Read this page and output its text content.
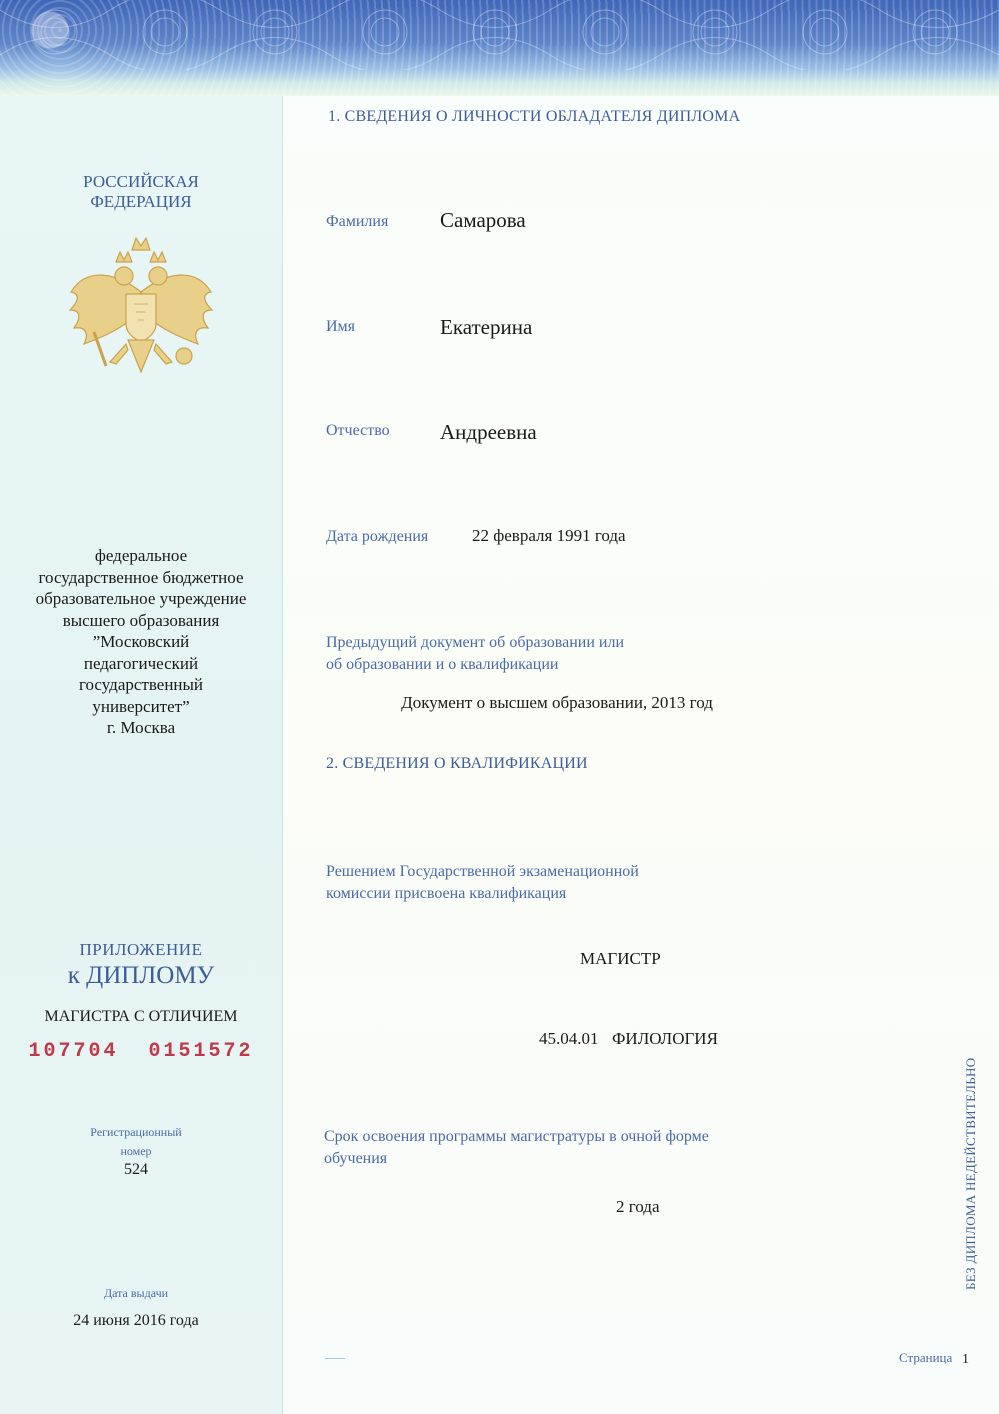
РОССИЙСКАЯ
ФЕДЕРАЦИЯ
федеральное
государственное бюджетное
образовательное учреждение
высшего образования
”Московский
педагогический
государственный
университет”
г. Москва
ПРИЛОЖЕНИЕ
к ДИПЛОМУ
МАГИСТРА С ОТЛИЧИЕМ
107704  0151572
Регистрационный
номер
524
Дата выдачи
24 июня 2016 года
1. СВЕДЕНИЯ О ЛИЧНОСТИ ОБЛАДАТЕЛЯ ДИПЛОМА
Фамилия Самарова
Имя	Екатерина
Отчество Андреевна
Дата рождения	22 февраля 1991 года
Предыдущий документ об образовании или
об образовании и о квалификации
Документ о высшем образовании, 2013 год
2. СВЕДЕНИЯ О КВАЛИФИКАЦИИ
Решением Государственной экзаменационной
комиссии присвоена квалификация
МАГИСТР
45.04.01 ФИЛОЛОГИЯ
Срок освоения программы магистратуры в очной форме
обучения
2 года
Страница 1
БЕЗ ДИПЛОМА НЕДЕЙСТВИТЕЛЬНО
